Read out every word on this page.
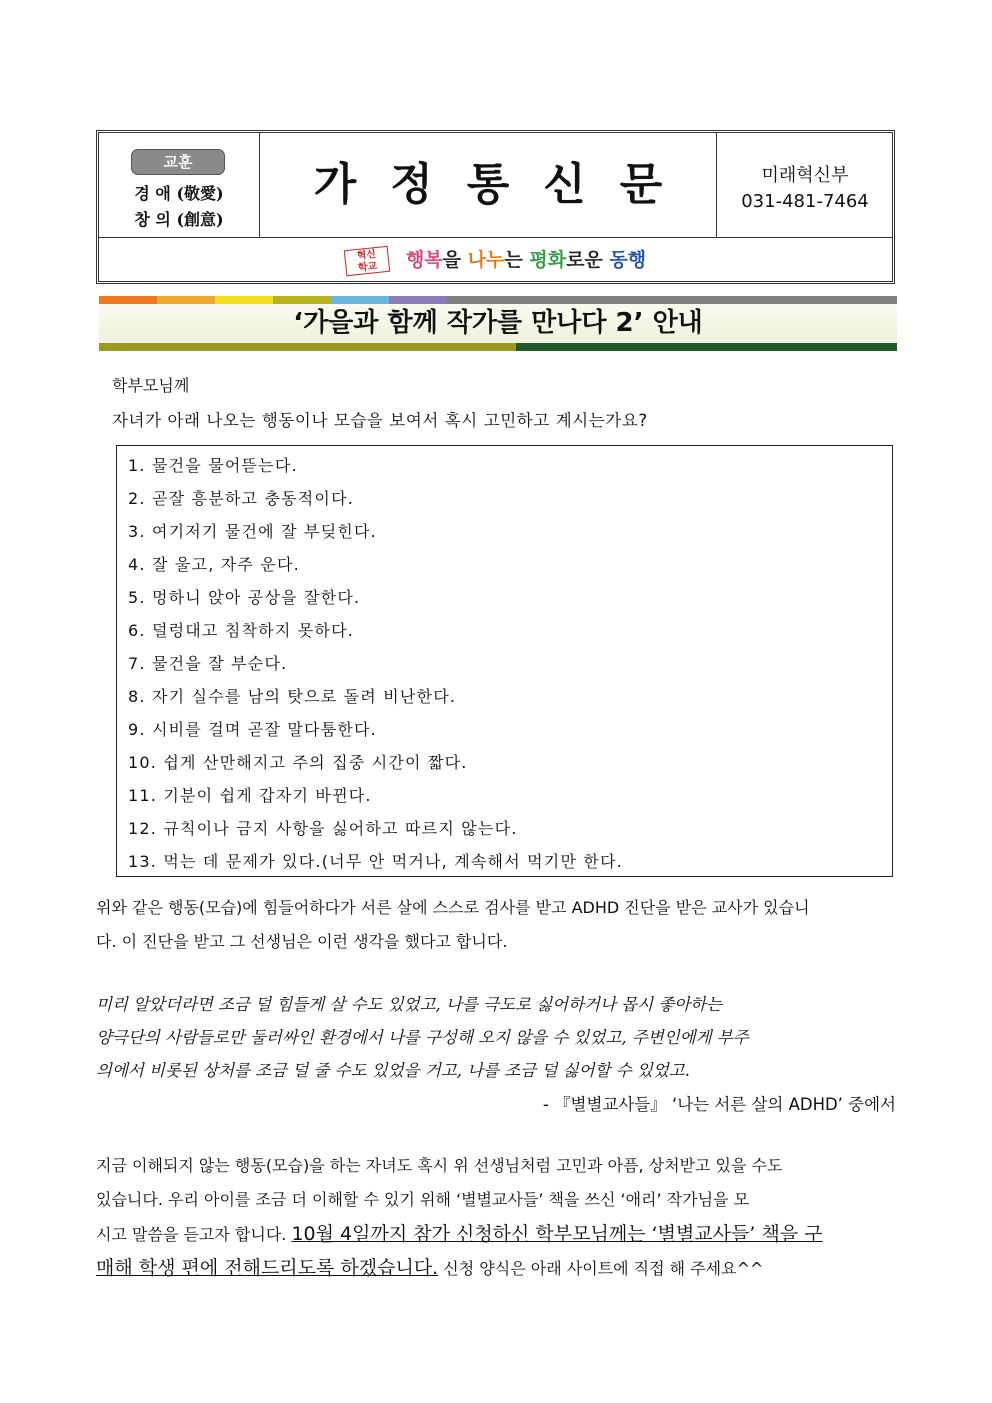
교훈
경 애 (敬愛)
창 의 (創意)
가정통신문	미래혁신부
031-481-7464
혁신
학교 행복을 나누는 평화로운 동행
‘가을과 함께 작가를 만나다 2’ 안내
학부모님께
자녀가 아래 나오는 행동이나 모습을 보여서 혹시 고민하고 계시는가요?
1. 물건을 물어뜯는다.
2. 곧잘 흥분하고 충동적이다.
3. 여기저기 물건에 잘 부딪힌다.
4. 잘 울고, 자주 운다.
5. 멍하니 앉아 공상을 잘한다.
6. 덜렁대고 침착하지 못하다.
7. 물건을 잘 부순다.
8. 자기 실수를 남의 탓으로 돌려 비난한다.
9. 시비를 걸며 곧잘 말다툼한다.
10. 쉽게 산만해지고 주의 집중 시간이 짧다.
11. 기분이 쉽게 갑자기 바뀐다.
12. 규칙이나 금지 사항을 싫어하고 따르지 않는다.
13. 먹는 데 문제가 있다.(너무 안 먹거나, 계속해서 먹기만 한다.
위와 같은 행동(모습)에 힘들어하다가 서른 살에 스스로 검사를 받고 ADHD 진단을 받은 교사가 있습니
다. 이 진단을 받고 그 선생님은 이런 생각을 했다고 합니다.
미리 알았더라면 조금 덜 힘들게 살 수도 있었고, 나를 극도로 싫어하거나 몹시 좋아하는
양극단의 사람들로만 둘러싸인 환경에서 나를 구성해 오지 않을 수 있었고, 주변인에게 부주
의에서 비롯된 상처를 조금 덜 줄 수도 있었을 거고, 나를 조금 덜 싫어할 수 있었고.
- 『별별교사들』 ‘나는 서른 살의 ADHD’ 중에서
지금 이해되지 않는 행동(모습)을 하는 자녀도 혹시 위 선생님처럼 고민과 아픔, 상처받고 있을 수도
있습니다. 우리 아이를 조금 더 이해할 수 있기 위해 ‘별별교사들’ 책을 쓰신 ‘애리’ 작가님을 모
시고 말씀을 듣고자 합니다. 10월 4일까지 참가 신청하신 학부모님께는 ‘별별교사들’ 책을 구
매해 학생 편에 전해드리도록 하겠습니다. 신청 양식은 아래 사이트에 직접 해 주세요^^
